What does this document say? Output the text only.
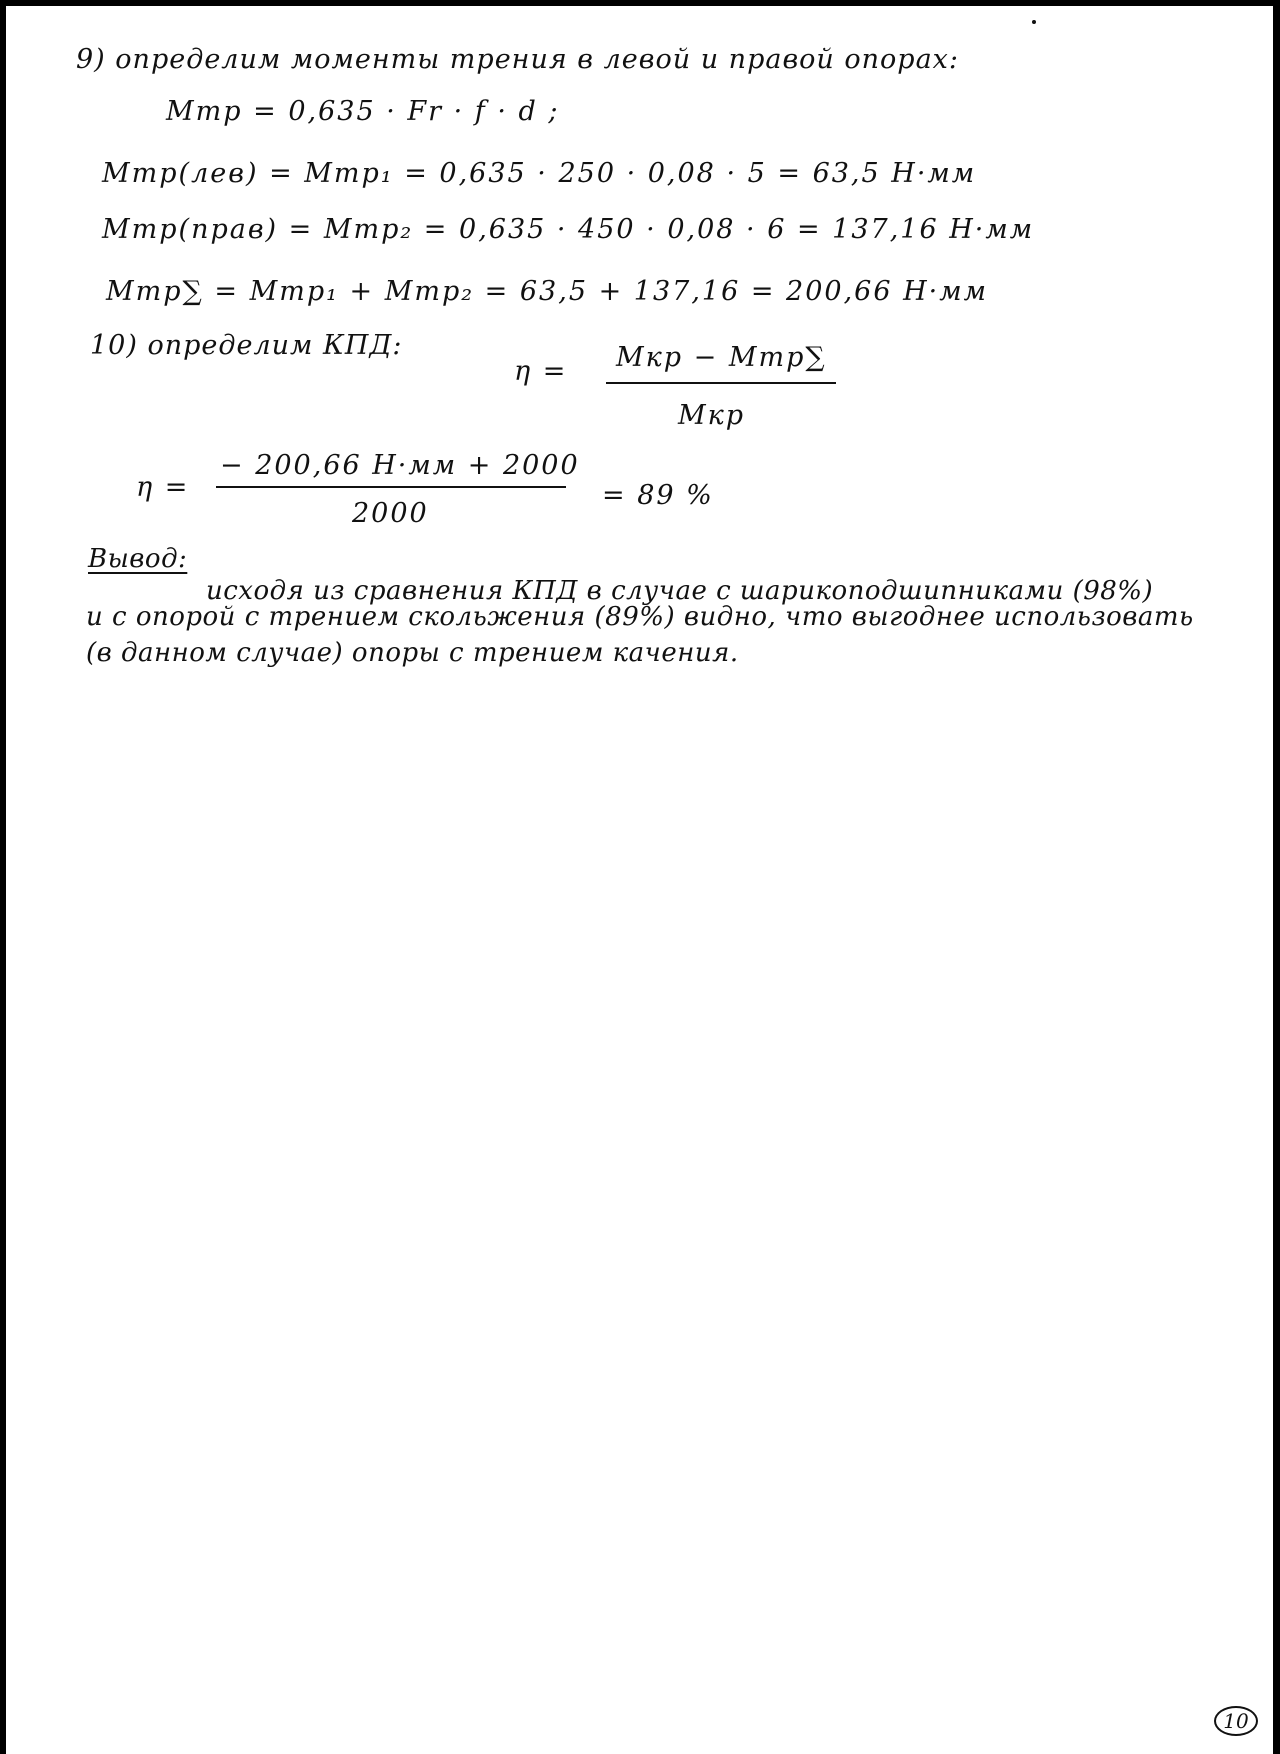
9) определим моменты трения в левой и правой опорах:
Mтр = 0,635 · Fr · f · d ;
Mтр(лев) = Mтр₁ = 0,635 · 250 · 0,08 · 5 = 63,5 Н·мм
Mтр(прав) = Mтр₂ = 0,635 · 450 · 0,08 · 6 = 137,16 Н·мм
Mтр∑ = Mтр₁ + Mтр₂ = 63,5 + 137,16 = 200,66 Н·мм
10) определим КПД:
η = Mкр − Mтр∑
Mкр
η =
− 200,66 Н·мм + 2000
2000
= 89 %
Вывод:
исходя из сравнения КПД в случае с шарикоподшипниками (98%)
и с опорой с трением скольжения (89%) видно, что выгоднее использовать
(в данном случае) опоры с трением качения.
10
